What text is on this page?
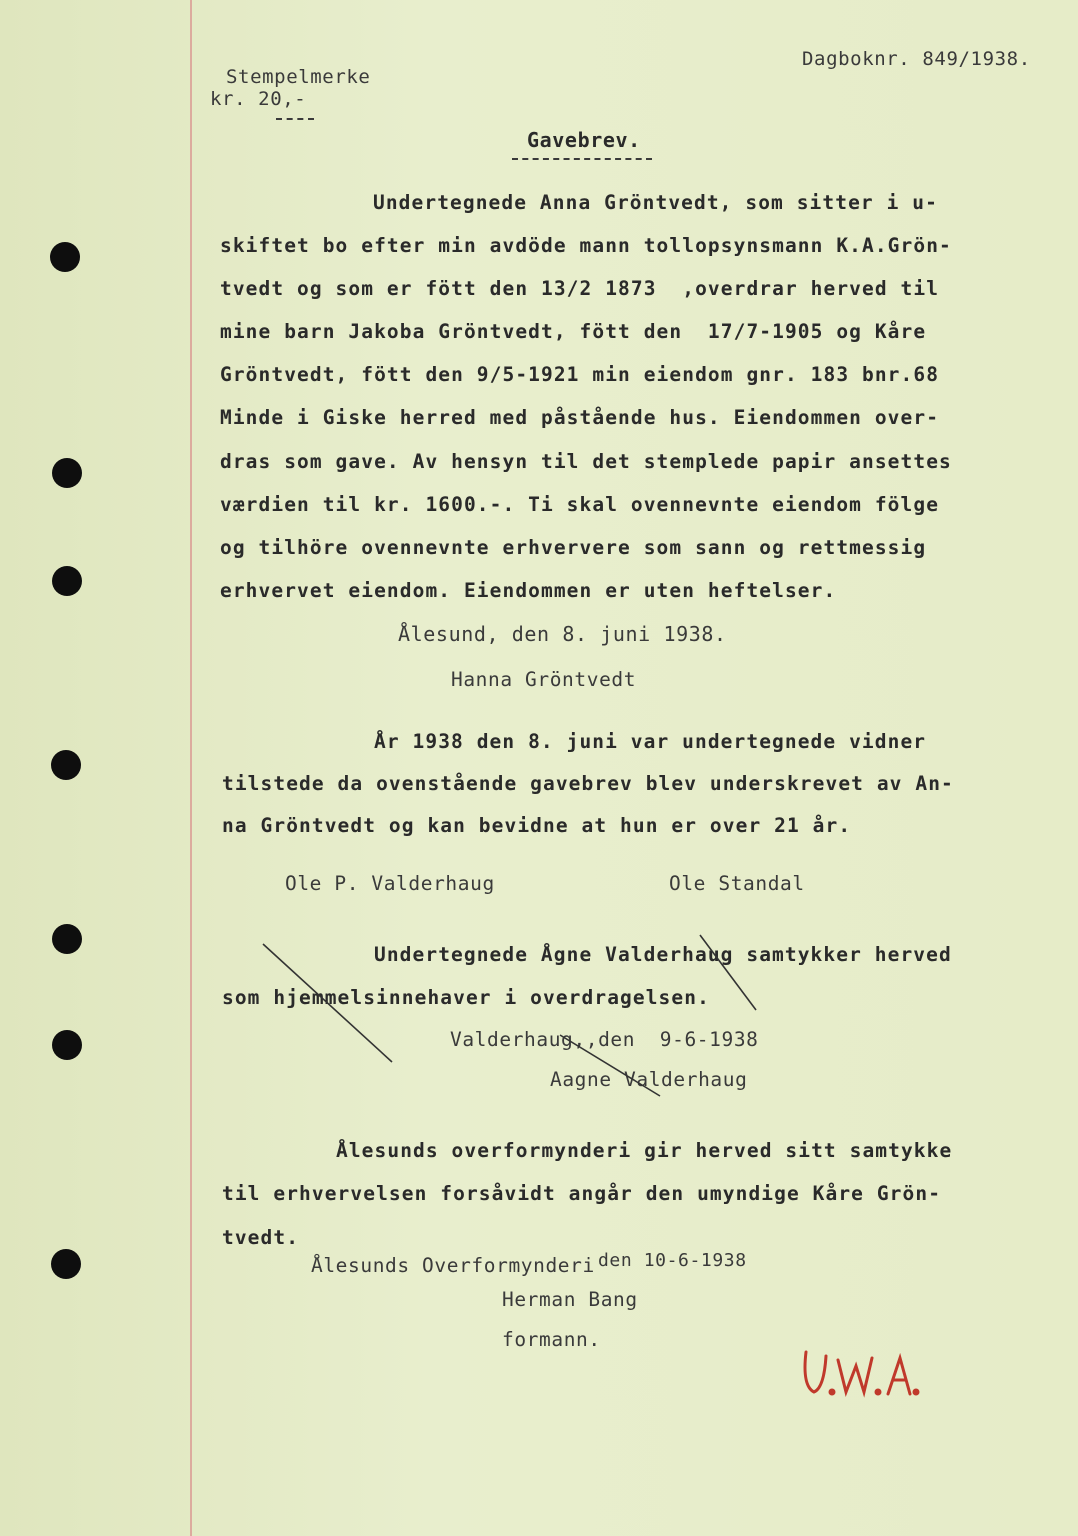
Stempelmerke
kr. 20,-
Dagboknr. 849/1938.
Gavebrev.
Undertegnede Anna Gröntvedt, som sitter i u-
skiftet bo efter min avdöde mann tollopsynsmann K.A.Grön-
tvedt og som er fött den 13/2 1873  ,overdrar herved til
mine barn Jakoba Gröntvedt, fött den  17/7-1905 og Kåre
Gröntvedt, fött den 9/5-1921 min eiendom gnr. 183 bnr.68
Minde i Giske herred med påstående hus. Eiendommen over-
dras som gave. Av hensyn til det stemplede papir ansettes
værdien til kr. 1600.-. Ti skal ovennevnte eiendom fölge
og tilhöre ovennevnte erhververe som sann og rettmessig
erhvervet eiendom. Eiendommen er uten heftelser.
Ålesund, den 8. juni 1938.
Hanna Gröntvedt
År 1938 den 8. juni var undertegnede vidner
tilstede da ovenstående gavebrev blev underskrevet av An-
na Gröntvedt og kan bevidne at hun er over 21 år.
Ole P. Valderhaug	Ole Standal
Undertegnede Ågne Valderhaug samtykker herved
som hjemmelsinnehaver i overdragelsen.
Valderhaug,,den  9-6-1938
Aagne Valderhaug
Ålesunds overformynderi gir herved sitt samtykke
til erhvervelsen forsåvidt angår den umyndige Kåre Grön-
tvedt.
Ålesunds Overformynderi den 10-6-1938
Herman Bang
formann.
